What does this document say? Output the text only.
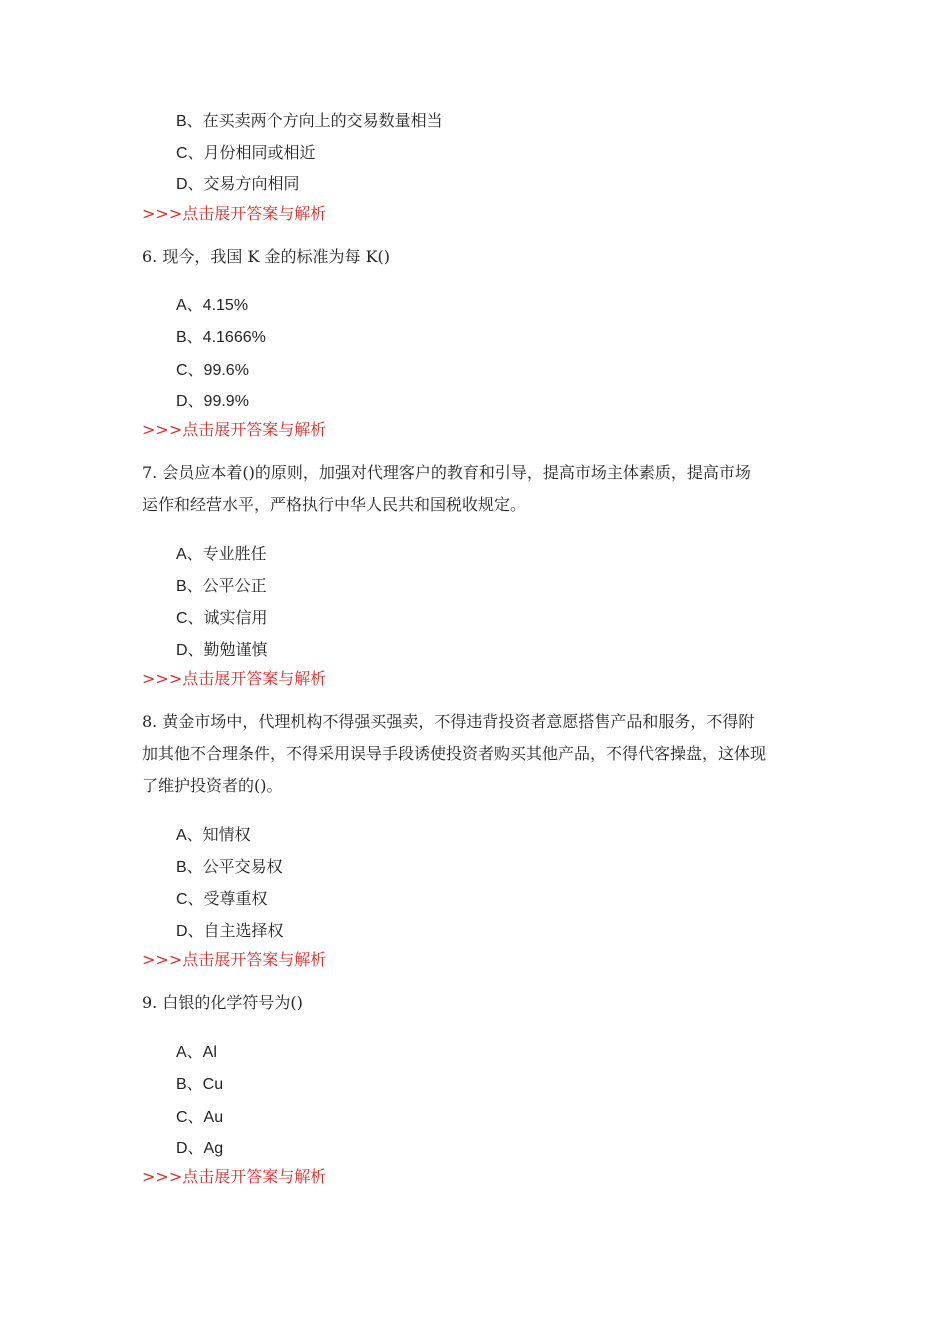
B、在买卖两个方向上的交易数量相当
C、月份相同或相近
D、交易方向相同
>>>点击展开答案与解析
6. 现今，我国 K 金的标准为每 K()
A、4.15%
B、4.1666%
C、99.6%
D、99.9%
>>>点击展开答案与解析
7. 会员应本着()的原则，加强对代理客户的教育和引导，提高市场主体素质，提高市场
运作和经营水平，严格执行中华人民共和国税收规定。
A、专业胜任
B、公平公正
C、诚实信用
D、勤勉谨慎
>>>点击展开答案与解析
8. 黄金市场中，代理机构不得强买强卖，不得违背投资者意愿搭售产品和服务，不得附
加其他不合理条件，不得采用误导手段诱使投资者购买其他产品，不得代客操盘，这体现
了维护投资者的()。
A、知情权
B、公平交易权
C、受尊重权
D、自主选择权
>>>点击展开答案与解析
9. 白银的化学符号为()
A、Al
B、Cu
C、Au
D、Ag
>>>点击展开答案与解析
